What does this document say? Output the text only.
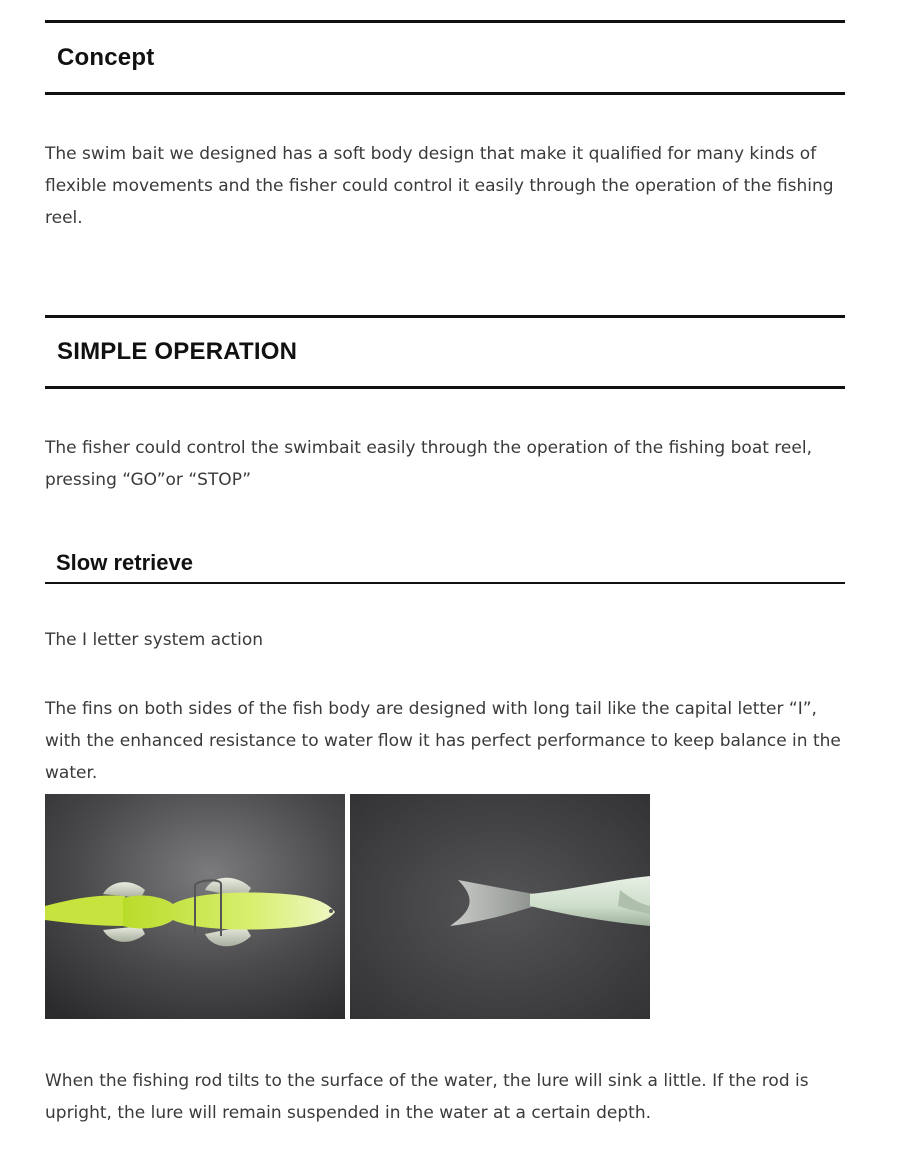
Concept

The swim bait we designed has a soft body design that make it qualified for many kinds of flexible movements and the fisher could control it easily through the operation of the fishing reel.

SIMPLE OPERATION

The fisher could control the swimbait easily through the operation of the fishing boat reel, pressing “GO”or “STOP”

Slow retrieve

The I letter system action

The fins on both sides of the fish body are designed with long tail like the capital letter “I”, with the enhanced resistance to water flow it has perfect performance to keep balance in the water.

When the fishing rod tilts to the surface of the water, the lure will sink a little. If the rod is upright, the lure will remain suspended in the water at a certain depth.
